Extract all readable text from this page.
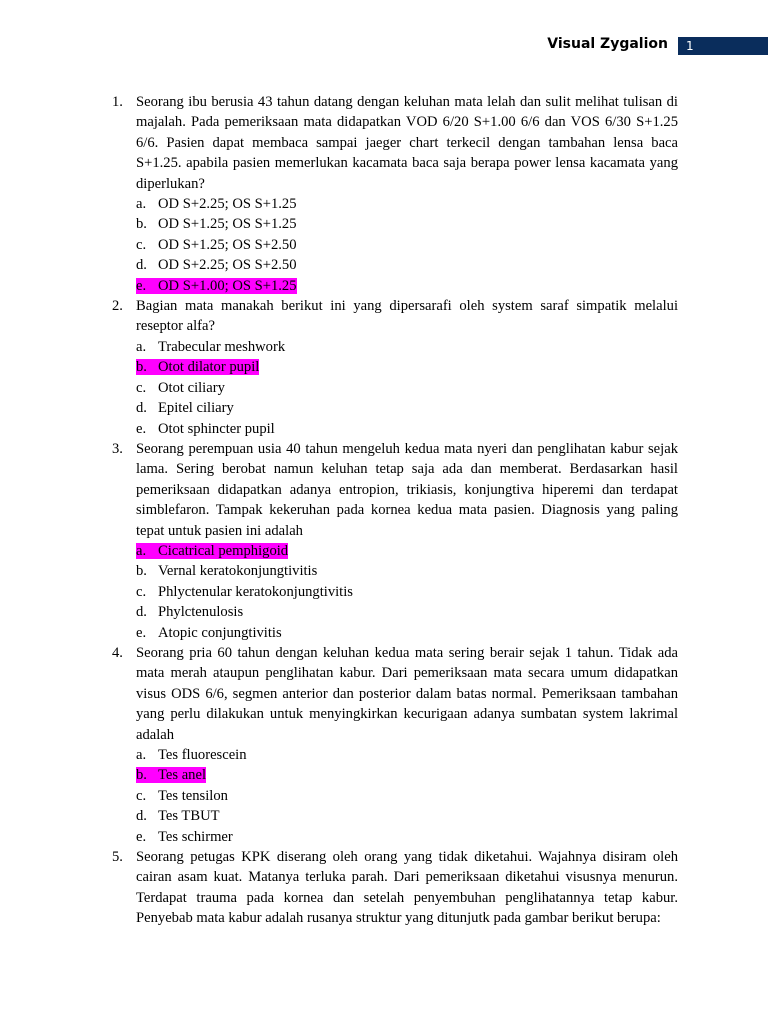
Visual Zygalion	1
1. Seorang ibu berusia 43 tahun datang dengan keluhan mata lelah dan sulit melihat tulisan di majalah. Pada pemeriksaan mata didapatkan VOD 6/20 S+1.00 6/6 dan VOS 6/30 S+1.25 6/6. Pasien dapat membaca sampai jaeger chart terkecil dengan tambahan lensa baca S+1.25. apabila pasien memerlukan kacamata baca saja berapa power lensa kacamata yang diperlukan?
a. OD S+2.25; OS S+1.25
b. OD S+1.25; OS S+1.25
c. OD S+1.25; OS S+2.50
d. OD S+2.25; OS S+2.50
e. OD S+1.00; OS S+1.25
2. Bagian mata manakah berikut ini yang dipersarafi oleh system saraf simpatik melalui reseptor alfa?
a. Trabecular meshwork
b. Otot dilator pupil
c. Otot ciliary
d. Epitel ciliary
e. Otot sphincter pupil
3. Seorang perempuan usia 40 tahun mengeluh kedua mata nyeri dan penglihatan kabur sejak lama. Sering berobat namun keluhan tetap saja ada dan memberat. Berdasarkan hasil pemeriksaan didapatkan adanya entropion, trikiasis, konjungtiva hiperemi dan terdapat simblefaron. Tampak kekeruhan pada kornea kedua mata pasien. Diagnosis yang paling tepat untuk pasien ini adalah
a. Cicatrical pemphigoid
b. Vernal keratokonjungtivitis
c. Phlyctenular keratokonjungtivitis
d. Phylctenulosis
e. Atopic conjungtivitis
4. Seorang pria 60 tahun dengan keluhan kedua mata sering berair sejak 1 tahun. Tidak ada mata merah ataupun penglihatan kabur. Dari pemeriksaan mata secara umum didapatkan visus ODS 6/6, segmen anterior dan posterior dalam batas normal. Pemeriksaan tambahan yang perlu dilakukan untuk menyingkirkan kecurigaan adanya sumbatan system lakrimal adalah
a. Tes fluorescein
b. Tes anel
c. Tes tensilon
d. Tes TBUT
e. Tes schirmer
5. Seorang petugas KPK diserang oleh orang yang tidak diketahui. Wajahnya disiram oleh cairan asam kuat. Matanya terluka parah. Dari pemeriksaan diketahui visusnya menurun. Terdapat trauma pada kornea dan setelah penyembuhan penglihatannya tetap kabur. Penyebab mata kabur adalah rusanya struktur yang ditunjutk pada gambar berikut berupa:
